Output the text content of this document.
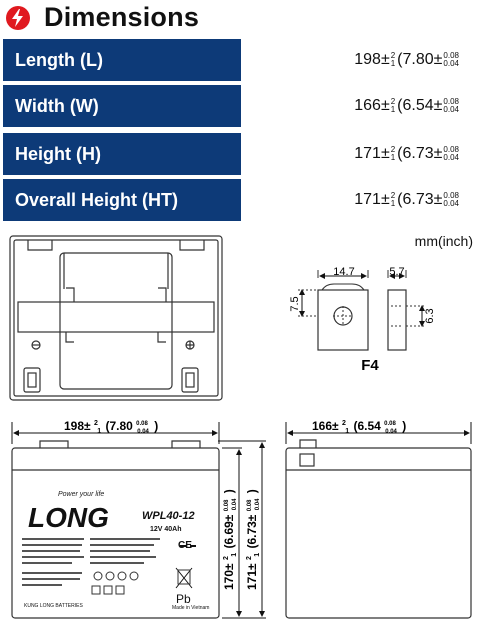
Dimensions
Length (L)	198 ± 2
1 (7.80 ± 0.08
0.04
Width (W)	166 ± 2
1 (6.54 ± 0.08
0.04
Height (H)	171 ± 2
1 (6.73 ± 0.08
0.04
Overall Height (HT)	171 ± 2
1 (6.73 ± 0.08
0.04
mm(inch)
14.7	5.7
7.5
6.3
F4
198± $^2$ 1 (7.80 $^{0.08}$ 0.04 )
LONG
Power your life
WPL40-12
12V 40Ah
CE
Pb
KUNG LONG BATTERIES	Made in Vietnam
170± $^2$ 1 (6.69± $^{0.08}$ 0.04 )
171± $^2$ 1 (6.73± $^{0.08}$ 0.04 )
166± $^2$ 1 (6.54 $^{0.08}$ 0.04 )
